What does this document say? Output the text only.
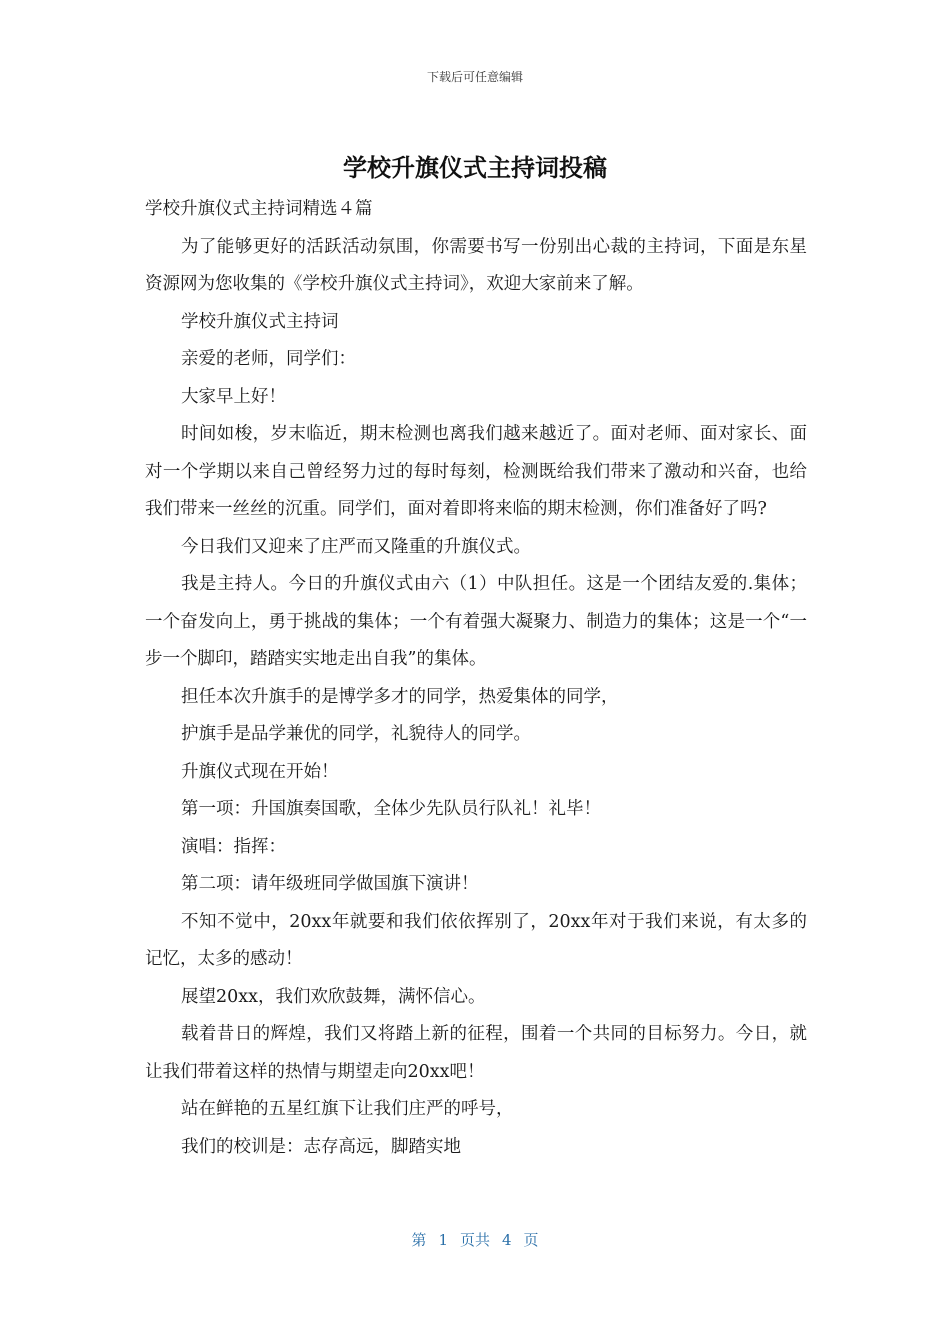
下载后可任意编辑
学校升旗仪式主持词投稿

学校升旗仪式主持词精选４篇

为了能够更好的活跃活动氛围，你需要书写一份别出心裁的主持词，下面是东星资源网为您收集的《学校升旗仪式主持词》，欢迎大家前来了解。

学校升旗仪式主持词

亲爱的老师，同学们：

大家早上好！

时间如梭，岁末临近，期末检测也离我们越来越近了。面对老师、面对家长、面对一个学期以来自己曾经努力过的每时每刻，检测既给我们带来了激动和兴奋，也给我们带来一丝丝的沉重。同学们，面对着即将来临的期末检测，你们准备好了吗?

今日我们又迎来了庄严而又隆重的升旗仪式。

我是主持人。今日的升旗仪式由六（1）中队担任。这是一个团结友爱的.集体；一个奋发向上，勇于挑战的集体；一个有着强大凝聚力、制造力的集体；这是一个“一步一个脚印，踏踏实实地走出自我”的集体。

担任本次升旗手的是博学多才的同学，热爱集体的同学，

护旗手是品学兼优的同学，礼貌待人的同学。

升旗仪式现在开始！

第一项：升国旗奏国歌，全体少先队员行队礼！礼毕！

演唱：指挥：

第二项：请年级班同学做国旗下演讲！

不知不觉中，20xx年就要和我们依依挥别了，20xx年对于我们来说，有太多的记忆，太多的感动！

展望20xx，我们欢欣鼓舞，满怀信心。

载着昔日的辉煌，我们又将踏上新的征程，围着一个共同的目标努力。今日，就让我们带着这样的热情与期望走向20xx吧！

站在鲜艳的五星红旗下让我们庄严的呼号，

我们的校训是：志存高远，脚踏实地

第 1 页共 4 页
